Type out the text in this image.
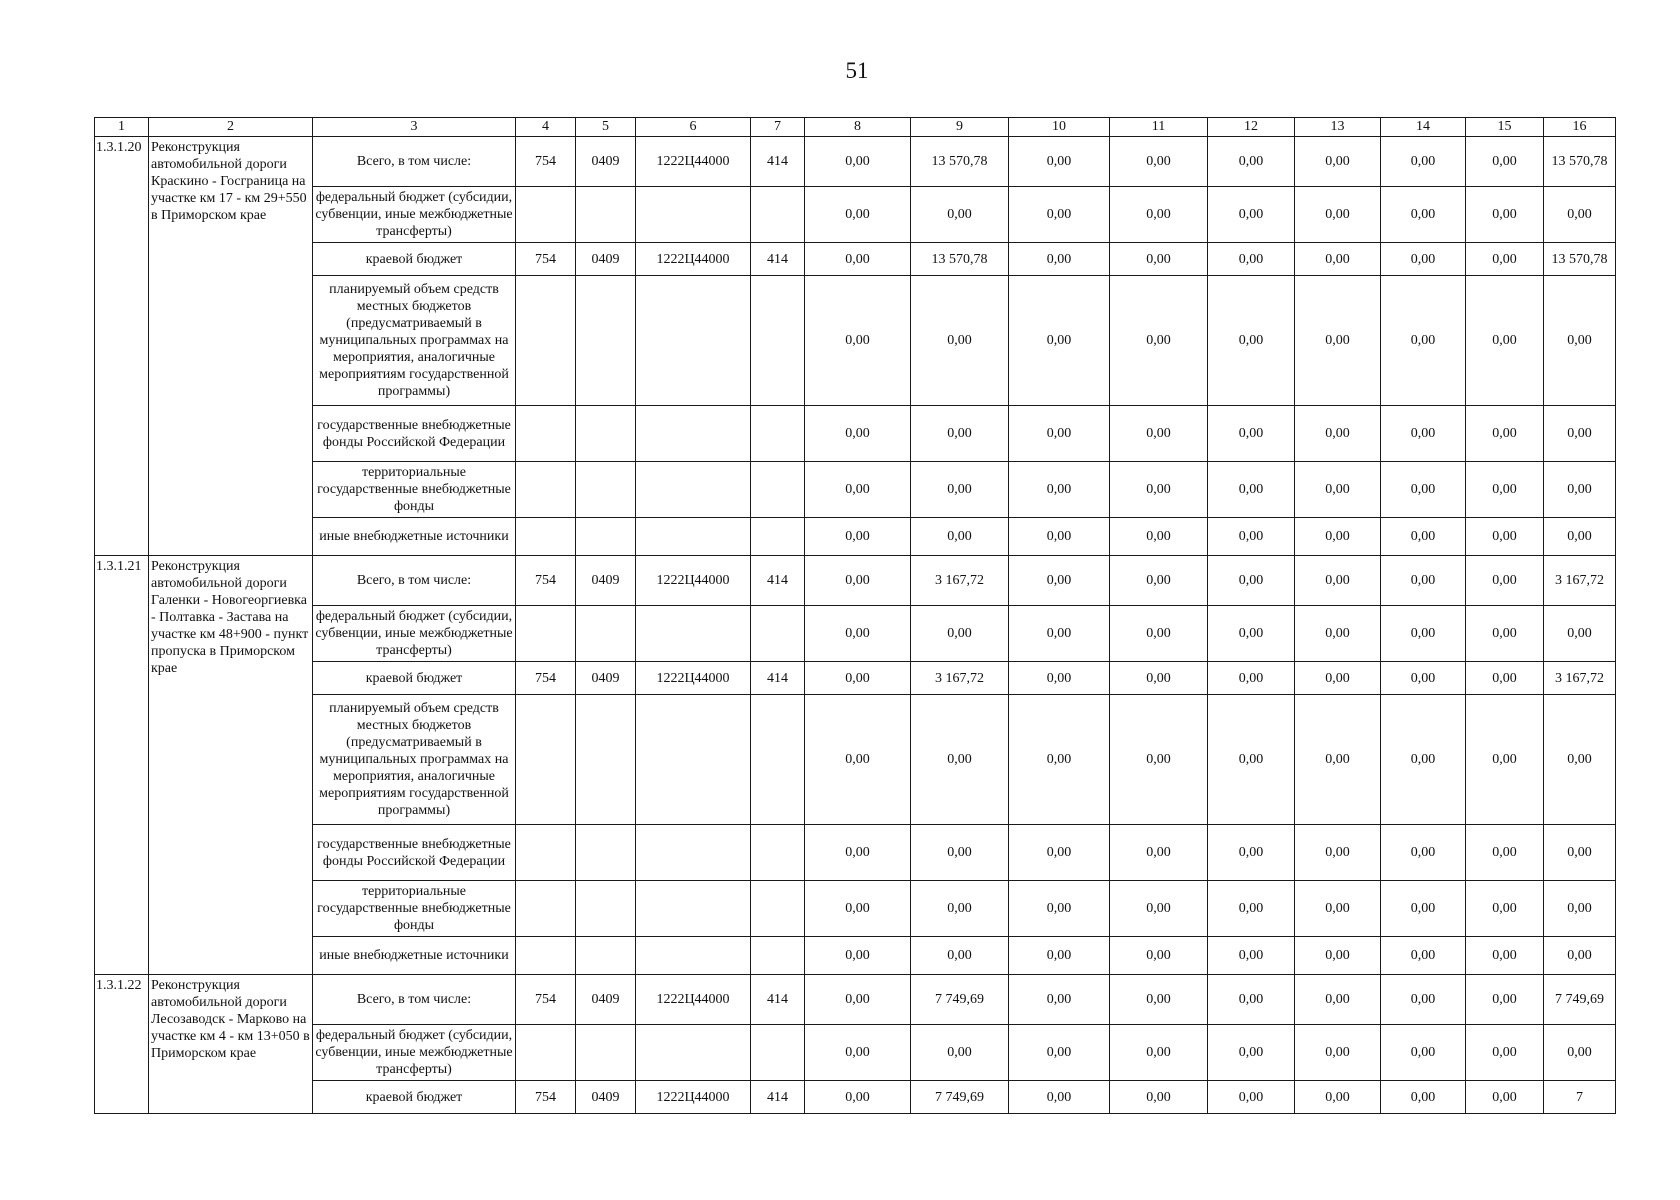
51
1	2	3	4	5	6	7	8	9	10	11	12	13	14	15	16
1.3.1.20	Реконструкция автомобильной дороги Краскино - Госграница на участке км 17 - км 29+550 в Приморском крае	Всего, в том числе:	754	0409	1222Ц44000	414	0,00	13 570,78	0,00	0,00	0,00	0,00	0,00	0,00	13 570,78
		федеральный бюджет (субсидии, субвенции, иные межбюджетные трансферты)					0,00	0,00	0,00	0,00	0,00	0,00	0,00	0,00	0,00
		краевой бюджет	754	0409	1222Ц44000	414	0,00	13 570,78	0,00	0,00	0,00	0,00	0,00	0,00	13 570,78
		планируемый объем средств местных бюджетов (предусматриваемый в муниципальных программах на мероприятия, аналогичные мероприятиям государственной программы)					0,00	0,00	0,00	0,00	0,00	0,00	0,00	0,00	0,00
		государственные внебюджетные фонды Российской Федерации					0,00	0,00	0,00	0,00	0,00	0,00	0,00	0,00	0,00
		территориальные государственные внебюджетные фонды					0,00	0,00	0,00	0,00	0,00	0,00	0,00	0,00	0,00
		иные внебюджетные источники					0,00	0,00	0,00	0,00	0,00	0,00	0,00	0,00	0,00
1.3.1.21	Реконструкция автомобильной дороги Галенки - Новогеоргиевка - Полтавка - Застава на участке км 48+900 - пункт пропуска в Приморском крае	Всего, в том числе:	754	0409	1222Ц44000	414	0,00	3 167,72	0,00	0,00	0,00	0,00	0,00	0,00	3 167,72
		федеральный бюджет (субсидии, субвенции, иные межбюджетные трансферты)					0,00	0,00	0,00	0,00	0,00	0,00	0,00	0,00	0,00
		краевой бюджет	754	0409	1222Ц44000	414	0,00	3 167,72	0,00	0,00	0,00	0,00	0,00	0,00	3 167,72
		планируемый объем средств местных бюджетов (предусматриваемый в муниципальных программах на мероприятия, аналогичные мероприятиям государственной программы)					0,00	0,00	0,00	0,00	0,00	0,00	0,00	0,00	0,00
		государственные внебюджетные фонды Российской Федерации					0,00	0,00	0,00	0,00	0,00	0,00	0,00	0,00	0,00
		территориальные государственные внебюджетные фонды					0,00	0,00	0,00	0,00	0,00	0,00	0,00	0,00	0,00
		иные внебюджетные источники					0,00	0,00	0,00	0,00	0,00	0,00	0,00	0,00	0,00
1.3.1.22	Реконструкция автомобильной дороги Лесозаводск - Марково на участке км 4 - км 13+050 в Приморском крае	Всего, в том числе:	754	0409	1222Ц44000	414	0,00	7 749,69	0,00	0,00	0,00	0,00	0,00	0,00	7 749,69
		федеральный бюджет (субсидии, субвенции, иные межбюджетные трансферты)					0,00	0,00	0,00	0,00	0,00	0,00	0,00	0,00	0,00
		краевой бюджет	754	0409	1222Ц44000	414	0,00	7 749,69	0,00	0,00	0,00	0,00	0,00	0,00	7
